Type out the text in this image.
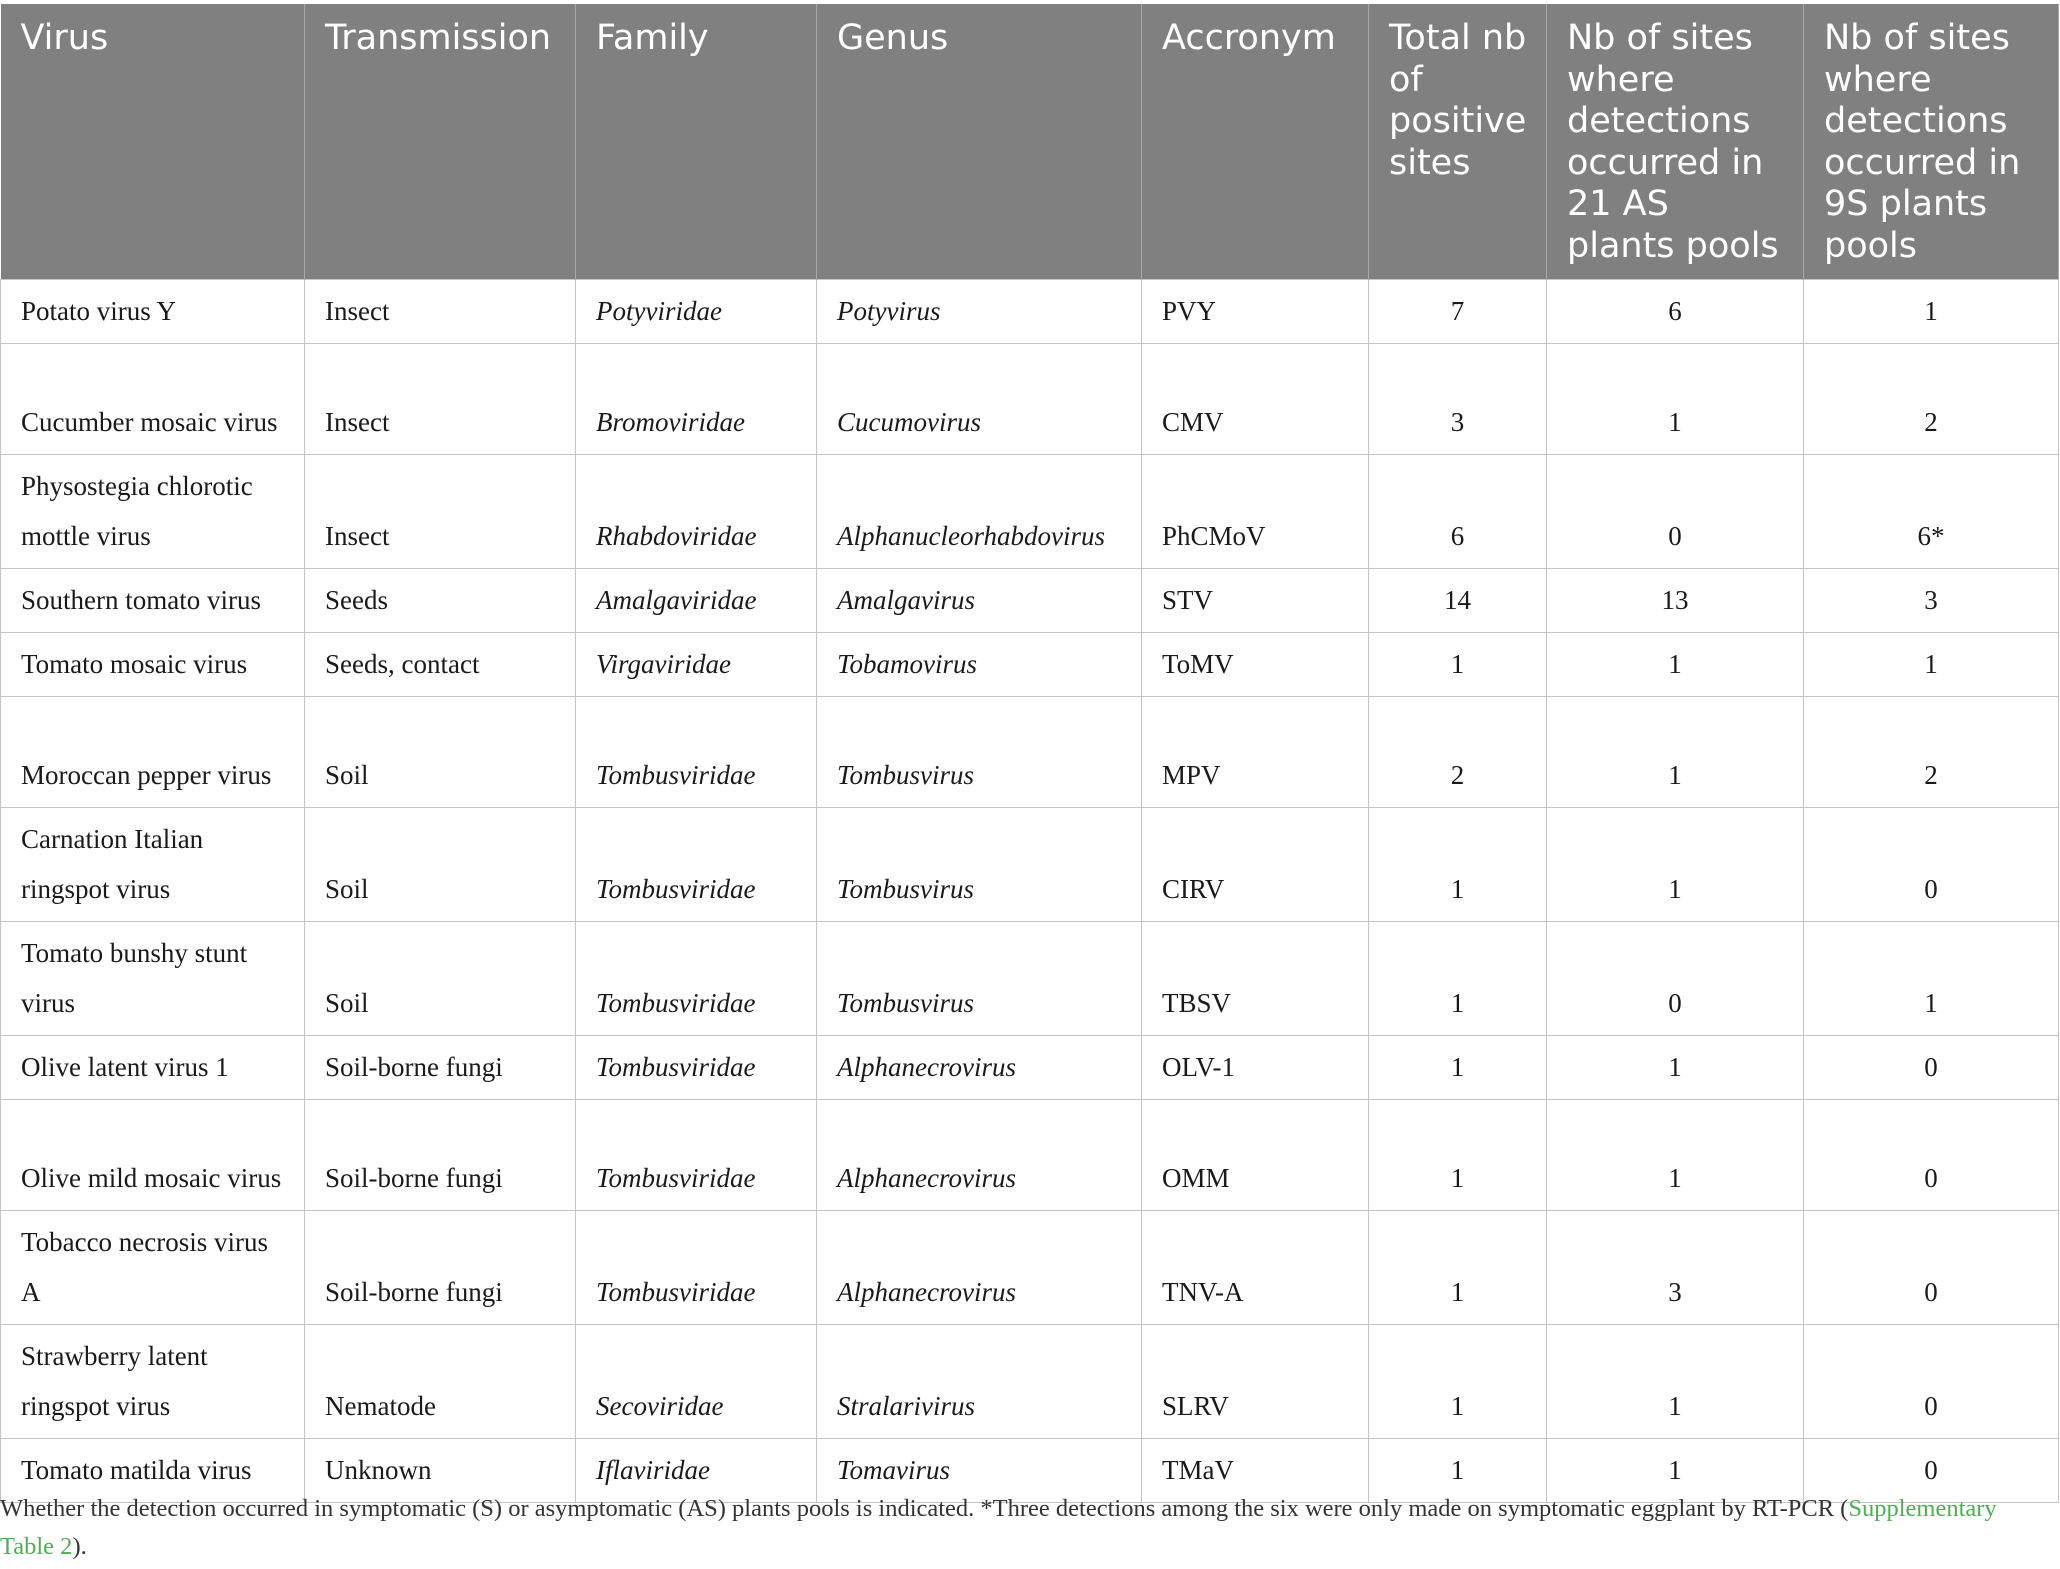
Virus	Transmission	Family	Genus	Accronym	Total nb of positive sites	Nb of sites where detections occurred in 21 AS plants pools	Nb of sites where detections occurred in 9S plants pools
Potato virus Y	Insect	Potyviridae	Potyvirus	PVY	7	6	1
Cucumber mosaic virus	Insect	Bromoviridae	Cucumovirus	CMV	3	1	2
Physostegia chlorotic mottle virus	Insect	Rhabdoviridae	Alphanucleorhabdovirus	PhCMoV	6	0	6*
Southern tomato virus	Seeds	Amalgaviridae	Amalgavirus	STV	14	13	3
Tomato mosaic virus	Seeds, contact	Virgaviridae	Tobamovirus	ToMV	1	1	1
Moroccan pepper virus	Soil	Tombusviridae	Tombusvirus	MPV	2	1	2
Carnation Italian ringspot virus	Soil	Tombusviridae	Tombusvirus	CIRV	1	1	0
Tomato bunshy stunt virus	Soil	Tombusviridae	Tombusvirus	TBSV	1	0	1
Olive latent virus 1	Soil-borne fungi	Tombusviridae	Alphanecrovirus	OLV-1	1	1	0
Olive mild mosaic virus	Soil-borne fungi	Tombusviridae	Alphanecrovirus	OMM	1	1	0
Tobacco necrosis virus A	Soil-borne fungi	Tombusviridae	Alphanecrovirus	TNV-A	1	3	0
Strawberry latent ringspot virus	Nematode	Secoviridae	Stralarivirus	SLRV	1	1	0
Tomato matilda virus	Unknown	Iflaviridae	Tomavirus	TMaV	1	1	0
Whether the detection occurred in symptomatic (S) or asymptomatic (AS) plants pools is indicated. *Three detections among the six were only made on symptomatic eggplant by RT-PCR (Supplementary Table 2).
